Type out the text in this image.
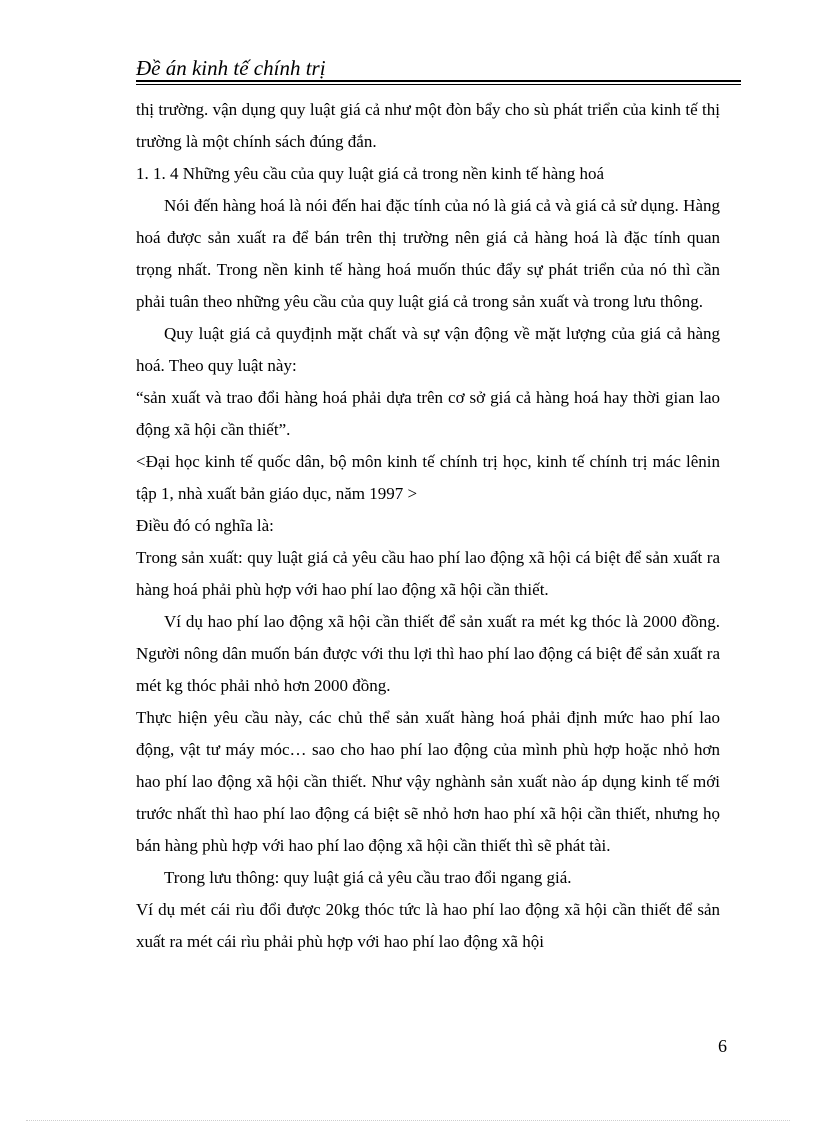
Đề án kinh tế chính trị

thị trường. vận dụng quy luật giá cả như một đòn bẩy cho sù phát triển của kinh tế thị trường là một chính sách đúng đắn.

1. 1. 4 Những yêu cầu của quy luật giá cả trong nền kinh tế hàng hoá

Nói đến hàng hoá là nói đến hai đặc tính của nó là giá cả và giá cả sử dụng. Hàng hoá được sản xuất ra để bán trên thị trường nên giá cả hàng hoá là đặc tính quan trọng nhất. Trong nền kinh tế hàng hoá muốn thúc đẩy sự phát triển của nó thì cần phải tuân theo những yêu cầu của quy luật giá cả trong sản xuất và trong lưu thông.

Quy luật giá cả quyđịnh mặt chất và sự vận động về mặt lượng của giá cả hàng hoá. Theo quy luật này:

“sản xuất và trao đổi hàng hoá phải dựa trên cơ sở giá cả hàng hoá hay thời gian lao động xã hội cần thiết”.

<Đại học kinh tế quốc dân, bộ môn kinh tế chính trị học, kinh tế chính trị mác lênin tập 1, nhà xuất bản giáo dục, năm 1997 >

Điều đó có nghĩa là:

Trong sản xuất: quy luật giá cả yêu cầu hao phí lao động xã hội cá biệt để sản xuất ra hàng hoá phải phù hợp với hao phí lao động xã hội cần thiết.

Ví dụ hao phí lao động xã hội cần thiết để sản xuất ra mét kg thóc là 2000 đồng. Người nông dân muốn bán được với thu lợi thì hao phí lao động cá biệt để sản xuất ra mét kg thóc phải nhỏ hơn 2000 đồng.

Thực hiện yêu cầu này, các chủ thể sản xuất hàng hoá phải định mức hao phí lao động, vật tư máy móc… sao cho hao phí lao động của mình phù hợp hoặc nhỏ hơn hao phí lao động xã hội cần thiết. Như vậy nghành sản xuất nào áp dụng kinh tế mới trước nhất thì hao phí lao động cá biệt sẽ nhỏ hơn hao phí xã hội cần thiết, nhưng họ bán hàng phù hợp với hao phí lao động xã hội cần thiết thì sẽ phát tài.

Trong lưu thông: quy luật giá cả yêu cầu trao đổi ngang giá.

Ví dụ mét cái rìu đổi được 20kg thóc tức là hao phí lao động xã hội cần thiết để sản xuất ra mét cái rìu phải phù hợp với hao phí lao động xã hội

6
